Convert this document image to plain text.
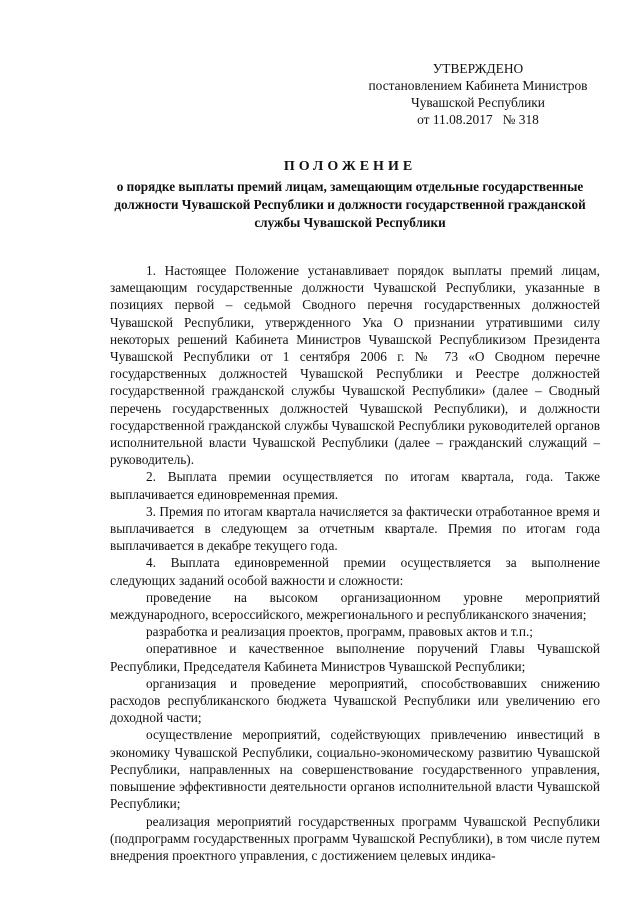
УТВЕРЖДЕНО
постановлением Кабинета Министров
Чувашской Республики
от 11.08.2017   № 318
ПОЛОЖЕНИЕ

о порядке выплаты премий лицам, замещающим отдельные государственные должности Чувашской Республики и должности государственной гражданской службы Чувашской Республики

1. Настоящее Положение устанавливает порядок выплаты премий лицам, замещающим государственные должности Чувашской Республики, указанные в позициях первой – седьмой Сводного перечня государственных должностей Чувашской Республики, утвержденного Ука О признании утратившими силу некоторых решений Кабинета Министров Чувашской Республикизом Президента Чувашской Республики от 1 сентября 2006 г. № 73 «О Сводном перечне государственных должностей Чувашской Республики и Реестре должностей государственной гражданской службы Чувашской Республики» (далее – Сводный перечень государственных должностей Чувашской Республики), и должности государственной гражданской службы Чувашской Республики руководителей органов исполнительной власти Чувашской Республики (далее – гражданский служащий – руководитель).

2. Выплата премии осуществляется по итогам квартала, года. Также выплачивается единовременная премия.

3. Премия по итогам квартала начисляется за фактически отработанное время и выплачивается в следующем за отчетным кварталe. Премия по итогам года выплачивается в декабре текущего года.

4. Выплата единовременной премии осуществляется за выполнение следующих заданий особой важности и сложности:

проведение на высоком организационном уровне мероприятий международного, всероссийского, межрегионального и республиканского значения;

разработка и реализация проектов, программ, правовых актов и т.п.;

оперативное и качественное выполнение поручений Главы Чувашской Республики, Председателя Кабинета Министров Чувашской Республики;

организация и проведение мероприятий, способствовавших снижению расходов республиканского бюджета Чувашской Республики или увеличению его доходной части;

осуществление мероприятий, содействующих привлечению инвестиций в экономику Чувашской Республики, социально-экономическому развитию Чувашской Республики, направленных на совершенствование государственного управления, повышение эффективности деятельности органов исполнительной власти Чувашской Республики;

реализация мероприятий государственных программ Чувашской Республики (подпрограмм государственных программ Чувашской Республики), в том числе путем внедрения проектного управления, с достижением целевых индика-
